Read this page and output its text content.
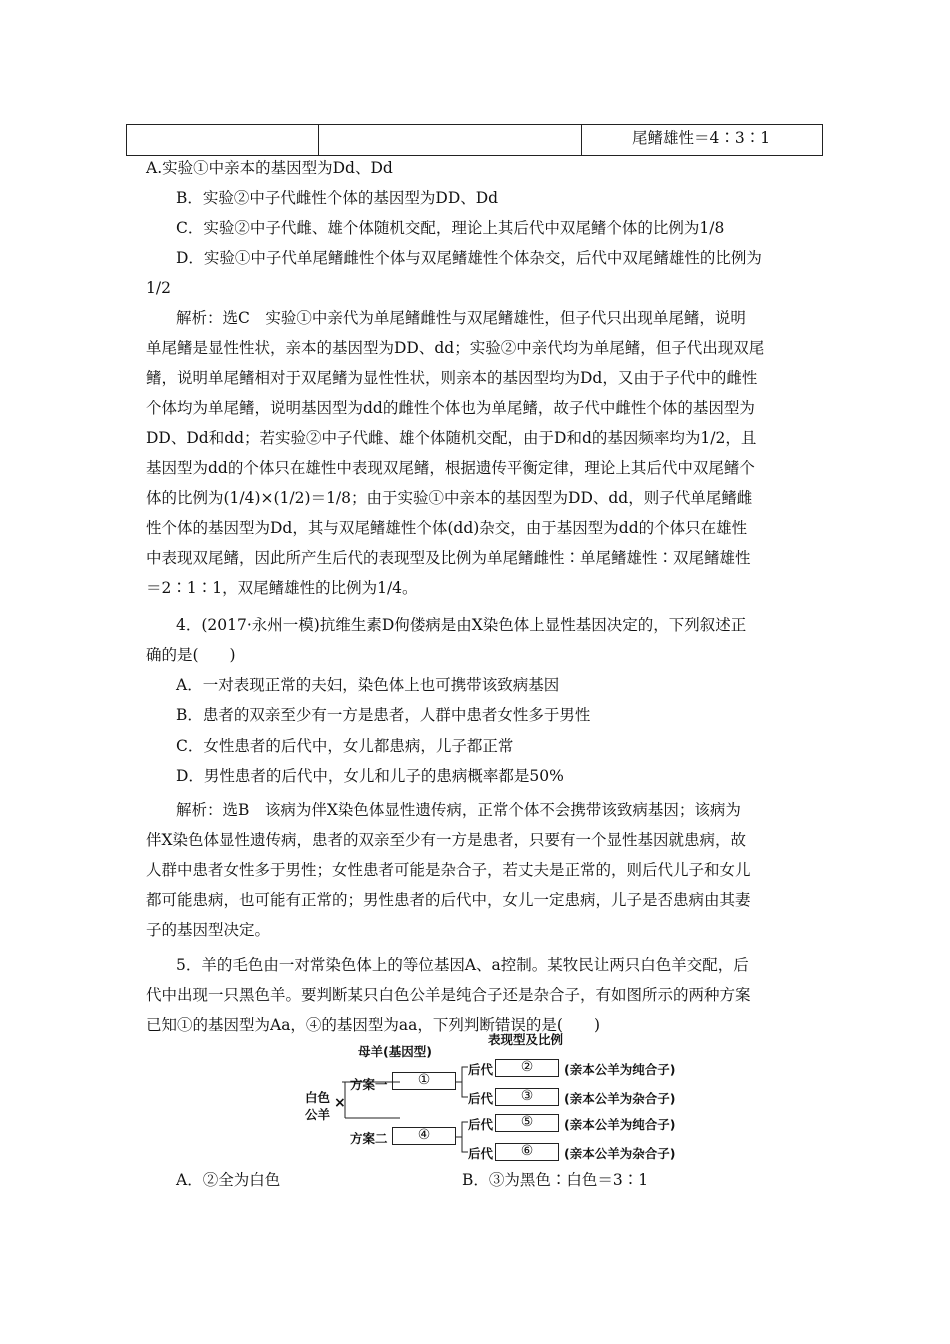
尾鳍雄性＝4∶3∶1
A.实验①中亲本的基因型为Dd、Dd
B．实验②中子代雌性个体的基因型为DD、Dd
C．实验②中子代雌、雄个体随机交配，理论上其后代中双尾鳍个体的比例为1/8
D．实验①中子代单尾鳍雌性个体与双尾鳍雄性个体杂交，后代中双尾鳍雄性的比例为
1/2
解析：选C　实验①中亲代为单尾鳍雌性与双尾鳍雄性，但子代只出现单尾鳍，说明
单尾鳍是显性性状，亲本的基因型为DD、dd；实验②中亲代均为单尾鳍，但子代出现双尾
鳍，说明单尾鳍相对于双尾鳍为显性性状，则亲本的基因型均为Dd，又由于子代中的雌性
个体均为单尾鳍，说明基因型为dd的雌性个体也为单尾鳍，故子代中雌性个体的基因型为
DD、Dd和dd；若实验②中子代雌、雄个体随机交配，由于D和d的基因频率均为1/2，且
基因型为dd的个体只在雄性中表现双尾鳍，根据遗传平衡定律，理论上其后代中双尾鳍个
体的比例为(1/4)×(1/2)＝1/8；由于实验①中亲本的基因型为DD、dd，则子代单尾鳍雌
性个体的基因型为Dd，其与双尾鳍雄性个体(dd)杂交，由于基因型为dd的个体只在雄性
中表现双尾鳍，因此所产生后代的表现型及比例为单尾鳍雌性∶单尾鳍雄性∶双尾鳍雄性
＝2∶1∶1，双尾鳍雄性的比例为1/4。
4．(2017·永州一模)抗维生素D佝偻病是由X染色体上显性基因决定的，下列叙述正
确的是(　　)
A．一对表现正常的夫妇，染色体上也可携带该致病基因
B．患者的双亲至少有一方是患者，人群中患者女性多于男性
C．女性患者的后代中，女儿都患病，儿子都正常
D．男性患者的后代中，女儿和儿子的患病概率都是50%
解析：选B　该病为伴X染色体显性遗传病，正常个体不会携带该致病基因；该病为
伴X染色体显性遗传病，患者的双亲至少有一方是患者，只要有一个显性基因就患病，故
人群中患者女性多于男性；女性患者可能是杂合子，若丈夫是正常的，则后代儿子和女儿
都可能患病，也可能有正常的；男性患者的后代中，女儿一定患病，儿子是否患病由其妻
子的基因型决定。
5．羊的毛色由一对常染色体上的等位基因A、a控制。某牧民让两只白色羊交配，后
代中出现一只黑色羊。要判断某只白色公羊是纯合子还是杂合子，有如图所示的两种方案
已知①的基因型为Aa，④的基因型为aa，下列判断错误的是(　　)
母羊(基因型)
表现型及比例
白色
公羊
×
方案一
方案二
①
④
后代
后代
后代
后代
②
③
⑤
⑥
(亲本公羊为纯合子)
(亲本公羊为杂合子)
(亲本公羊为纯合子)
(亲本公羊为杂合子)
A．②全为白色	B．③为黑色∶白色＝3∶1
